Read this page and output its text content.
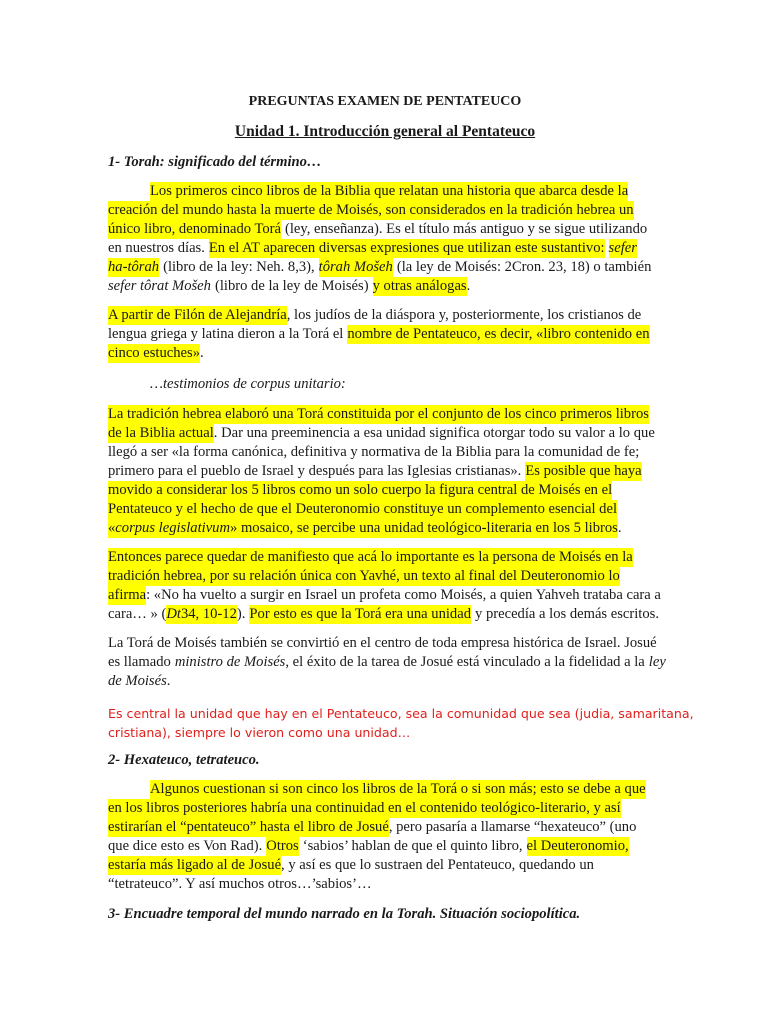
PREGUNTAS EXAMEN DE PENTATEUCO
Unidad 1. Introducción general al Pentateuco
1- Torah: significado del término…
Los primeros cinco libros de la Biblia que relatan una historia que abarca desde la
creación del mundo hasta la muerte de Moisés, son considerados en la tradición hebrea un
único libro, denominado Torá (ley, enseñanza). Es el título más antiguo y se sigue utilizando
en nuestros días. En el AT aparecen diversas expresiones que utilizan este sustantivo: sefer
ha-tôrah (libro de la ley: Neh. 8,3), tôrah Mošeh (la ley de Moisés: 2Cron. 23, 18) o también
sefer tôrat Mošeh (libro de la ley de Moisés) y otras análogas .
A partir de Filón de Alejandría , los judíos de la diáspora y, posteriormente, los cristianos de
lengua griega y latina dieron a la Torá el nombre de Pentateuco, es decir, «libro contenido en
cinco estuches» .
…testimonios de corpus unitario:
La tradición hebrea elaboró una Torá constituida por el conjunto de los cinco primeros libros
de la Biblia actual . Dar una preeminencia a esa unidad significa otorgar todo su valor a lo que
llegó a ser «la forma canónica, definitiva y normativa de la Biblia para la comunidad de fe;
primero para el pueblo de Israel y después para las Iglesias cristianas». Es posible que haya
movido a considerar los 5 libros como un solo cuerpo la figura central de Moisés en el
Pentateuco y el hecho de que el Deuteronomio constituye un complemento esencial del
« corpus legislativum » mosaico, se percibe una unidad teológico-literaria en los 5 libros .
Entonces parece quedar de manifiesto que acá lo importante es la persona de Moisés en la
tradición hebrea, por su relación única con Yavhé, un texto al final del Deuteronomio lo
afirma : «No ha vuelto a surgir en Israel un profeta como Moisés, a quien Yahveh trataba cara a
cara… » ( Dt 34, 10-12 ). Por esto es que la Torá era una unidad y precedía a los demás escritos.
La Torá de Moisés también se convirtió en el centro de toda empresa histórica de Israel. Josué
es llamado ministro de Moisés , el éxito de la tarea de Josué está vinculado a la fidelidad a la ley
de Moisés .
Es central la unidad que hay en el Pentateuco, sea la comunidad que sea (judia, samaritana,
cristiana), siempre lo vieron como una unidad…
2- Hexateuco, tetrateuco.
Algunos cuestionan si son cinco los libros de la Torá o si son más; esto se debe a que
en los libros posteriores habría una continuidad en el contenido teológico-literario, y así
estirarían el “pentateuco” hasta el libro de Josué , pero pasaría a llamarse “hexateuco” (uno
que dice esto es Von Rad). Otros ‘sabios’ hablan de que el quinto libro, el Deuteronomio,
estaría más ligado al de Josué , y así es que lo sustraen del Pentateuco, quedando un
“tetrateuco”. Y así muchos otros…’sabios’…
3- Encuadre temporal del mundo narrado en la Torah. Situación sociopolítica.
